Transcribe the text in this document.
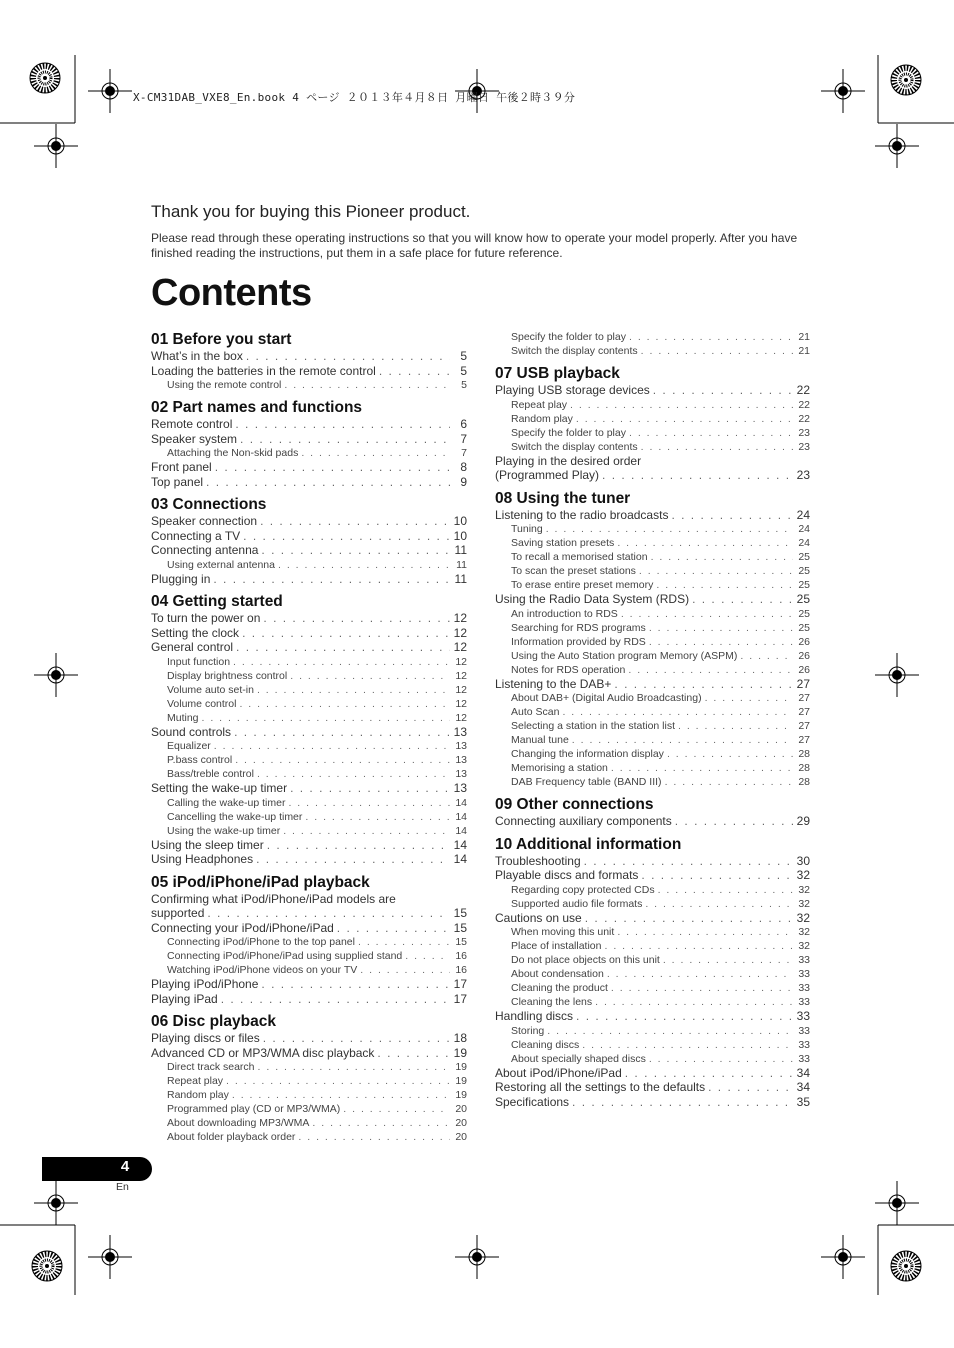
X-CM31DAB_VXE8_En.book 4 ページ ２０１３年４月８日 月曜日 午後２時３９分
Thank you for buying this Pioneer product.
Please read through these operating instructions so that you will know how to operate your model properly. After you have finished reading the instructions, put them in a safe place for future reference.
Contents
01 Before you start
What’s in the box . . .	5
Loading the batteries in the remote control . . .	5
Using the remote control . . .	5
02 Part names and functions
Remote control . . .	6
Speaker system . . .	7
Attaching the Non-skid pads . . .	7
Front panel . . .	8
Top panel . . .	9
03 Connections
Speaker connection . . .	10
Connecting a TV . . .	10
Connecting antenna . . .	11
Using external antenna . . .	11
Plugging in . . .	11
04 Getting started
To turn the power on . . .	12
Setting the clock . . .	12
General control . . .	12
Input function . . .	12
Display brightness control . . .	12
Volume auto set-in . . .	12
Volume control . . .	12
Muting . . .	12
Sound controls . . .	13
Equalizer . . .	13
P.bass control . . .	13
Bass/treble control . . .	13
Setting the wake-up timer . . .	13
Calling the wake-up timer . . .	14
Cancelling the wake-up timer . . .	14
Using the wake-up timer . . .	14
Using the sleep timer . . .	14
Using Headphones . . .	14
05 iPod/iPhone/iPad playback
Confirming what iPod/iPhone/iPad models are
supported . . .	15
Connecting your iPod/iPhone/iPad . . .	15
Connecting iPod/iPhone to the top panel . . .	15
Connecting iPod/iPhone/iPad using supplied stand . . .	16
Watching iPod/iPhone videos on your TV . . .	16
Playing iPod/iPhone . . .	17
Playing iPad . . .	17
06 Disc playback
Playing discs or files . . .	18
Advanced CD or MP3/WMA disc playback . . .	19
Direct track search . . .	19
Repeat play . . .	19
Random play . . .	19
Programmed play (CD or MP3/WMA) . . .	20
About downloading MP3/WMA . . .	20
About folder playback order . . .	20
Specify the folder to play . . .	21
Switch the display contents . . .	21
07 USB playback
Playing USB storage devices . . .	22
Repeat play . . .	22
Random play . . .	22
Specify the folder to play . . .	23
Switch the display contents . . .	23
Playing in the desired order
(Programmed Play) . . .	23
08 Using the tuner
Listening to the radio broadcasts . . .	24
Tuning . . .	24
Saving station presets . . .	24
To recall a memorised station . . .	25
To scan the preset stations . . .	25
To erase entire preset memory . . .	25
Using the Radio Data System (RDS) . . .	25
An introduction to RDS . . .	25
Searching for RDS programs . . .	25
Information provided by RDS . . .	26
Using the Auto Station program Memory (ASPM) . . .	26
Notes for RDS operation . . .	26
Listening to the DAB+ . . .	27
About DAB+ (Digital Audio Broadcasting) . . .	27
Auto Scan . . .	27
Selecting a station in the station list . . .	27
Manual tune . . .	27
Changing the information display . . .	28
Memorising a station . . .	28
DAB Frequency table (BAND III) . . .	28
09 Other connections
Connecting auxiliary components . . .	29
10 Additional information
Troubleshooting . . .	30
Playable discs and formats . . .	32
Regarding copy protected CDs . . .	32
Supported audio file formats . . .	32
Cautions on use . . .	32
When moving this unit . . .	32
Place of installation . . .	32
Do not place objects on this unit . . .	33
About condensation . . .	33
Cleaning the product . . .	33
Cleaning the lens . . .	33
Handling discs . . .	33
Storing . . .	33
Cleaning discs . . .	33
About specially shaped discs . . .	33
About iPod/iPhone/iPad . . .	34
Restoring all the settings to the defaults . . .	34
Specifications . . .	35
4
En
